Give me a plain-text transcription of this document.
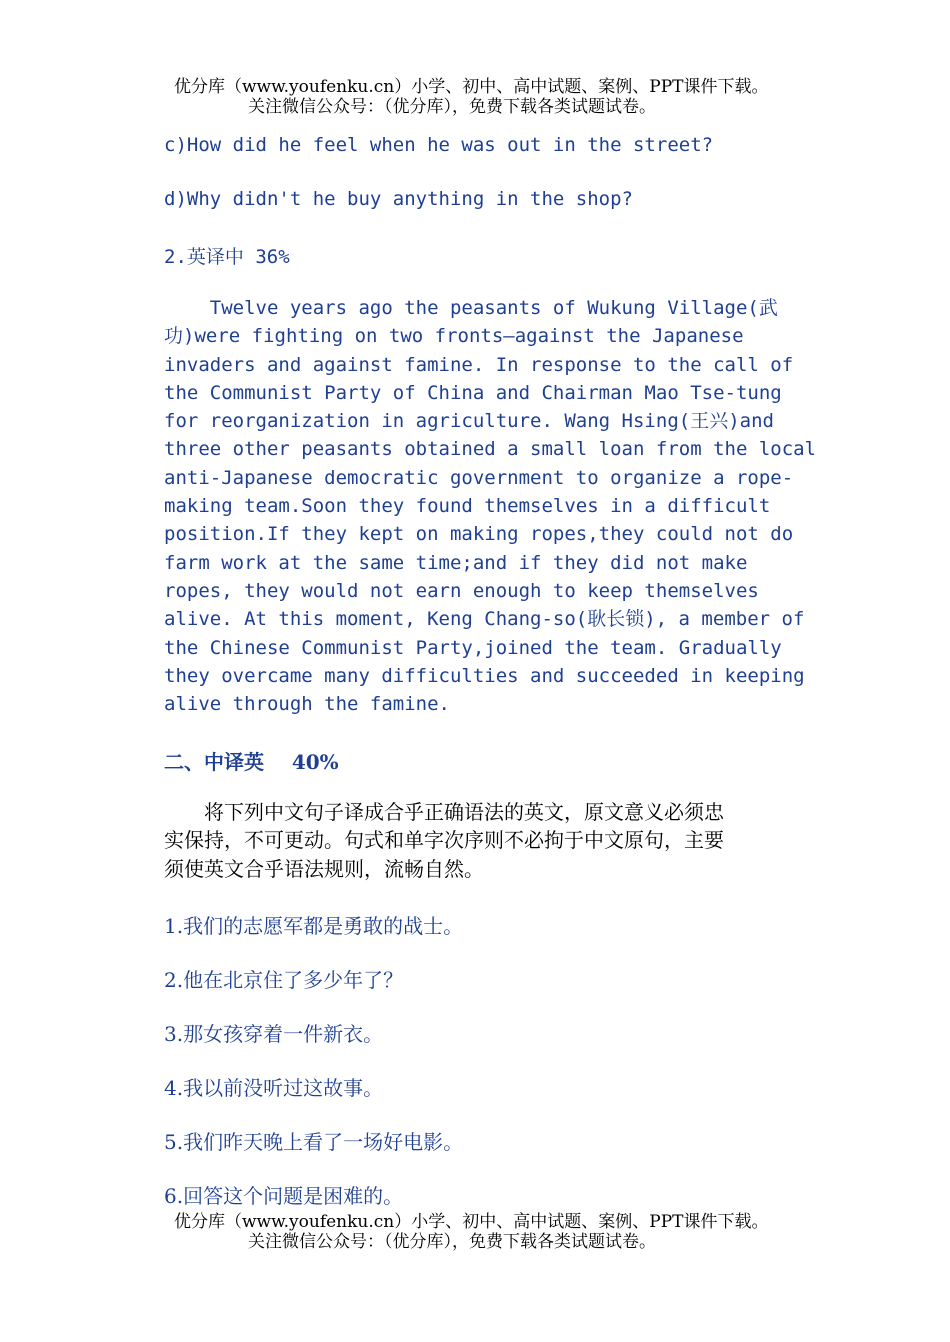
优分库（www.youfenku.cn）小学、初中、高中试题、案例、PPT课件下载。
关注微信公众号：（优分库），免费下载各类试题试卷。
c)How did he feel when he was out in the street?
d)Why didn't he buy anything in the shop?
2.英译中 36%
Twelve years ago the peasants of Wukung Village(武
功)were fighting on two fronts—against the Japanese
invaders and against famine. In response to the call of
the Communist Party of China and Chairman Mao Tse-tung
for reorganization in agriculture. Wang Hsing(王兴)and
three other peasants obtained a small loan from the local
anti-Japanese democratic government to organize a rope-
making team.Soon they found themselves in a difficult
position.If they kept on making ropes,they could not do
farm work at the same time;and if they did not make
ropes, they would not earn enough to keep themselves
alive. At this moment, Keng Chang-so(耿长锁), a member of
the Chinese Communist Party,joined the team. Gradually
they overcame many difficulties and succeeded in keeping
alive through the famine.
二、中译英    40%
　　将下列中文句子译成合乎正确语法的英文，原文意义必须忠
实保持，不可更动。句式和单字次序则不必拘于中文原句，主要
须使英文合乎语法规则，流畅自然。
1.我们的志愿军都是勇敢的战士。
2.他在北京住了多少年了？
3.那女孩穿着一件新衣。
4.我以前没听过这故事。
5.我们昨天晚上看了一场好电影。
6.回答这个问题是困难的。
优分库（www.youfenku.cn）小学、初中、高中试题、案例、PPT课件下载。
关注微信公众号：（优分库），免费下载各类试题试卷。
